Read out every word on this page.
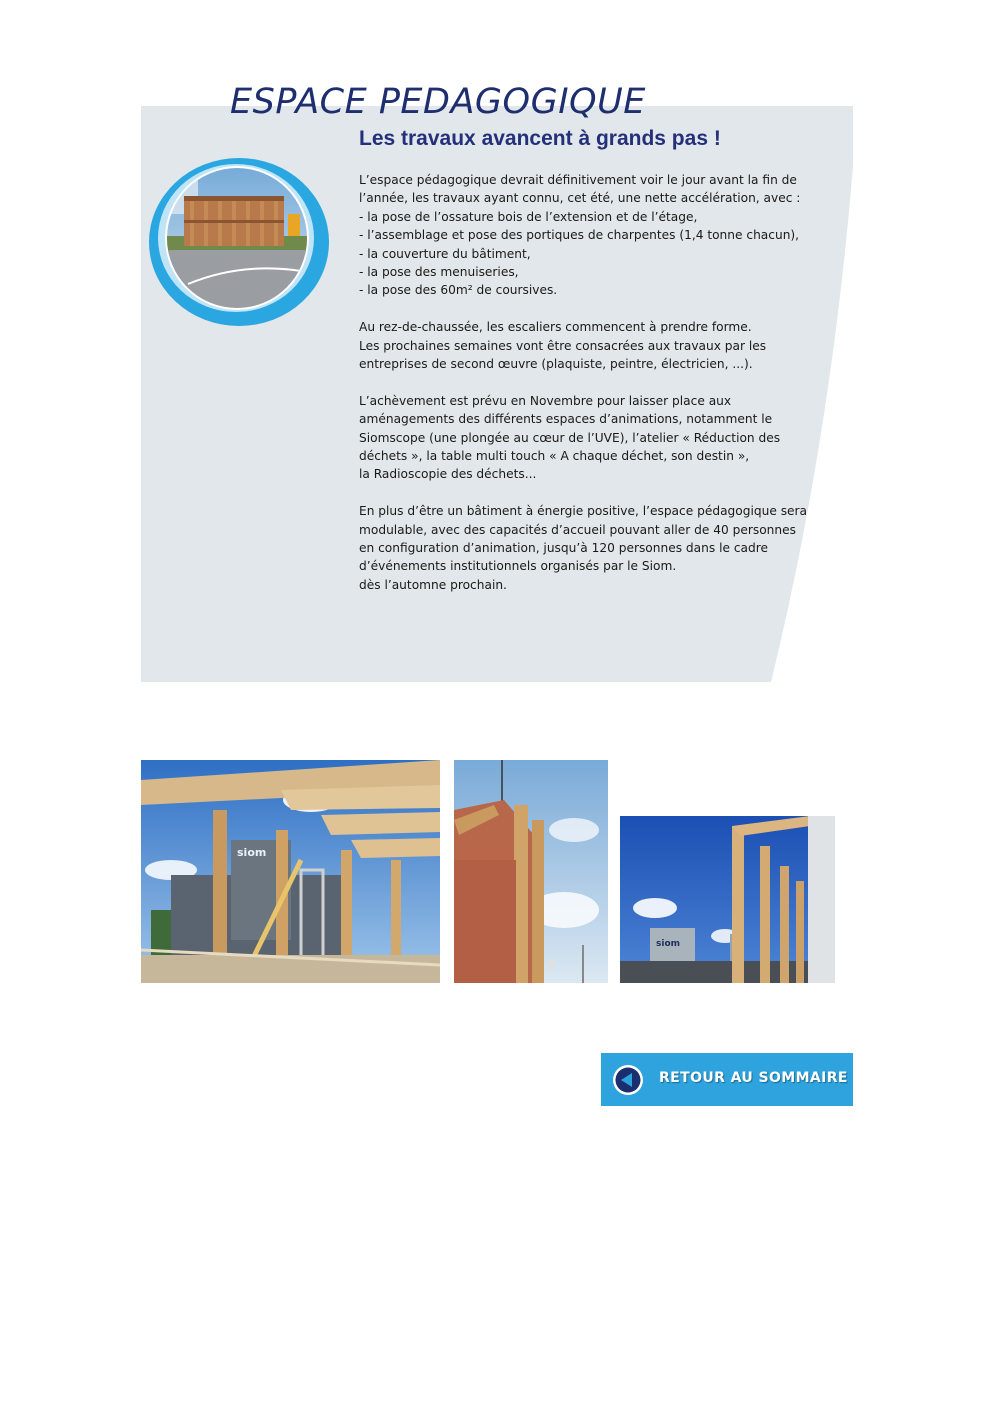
ESPACE PEDAGOGIQUE
Les travaux avancent à grands pas !

L’espace pédagogique devrait définitivement voir le jour avant la fin de
l’année, les travaux ayant connu, cet été, une nette accélération, avec :
- la pose de l’ossature bois de l’extension et de l’étage,
- l’assemblage et pose des portiques de charpentes (1,4 tonne chacun),
- la couverture du bâtiment,
- la pose des menuiseries,
- la pose des 60m² de coursives.

Au rez-de-chaussée, les escaliers commencent à prendre forme.
Les prochaines semaines vont être consacrées aux travaux par les
entreprises de second œuvre (plaquiste, peintre, électricien, ...).

L’achèvement est prévu en Novembre pour laisser place aux
aménagements des différents espaces d’animations, notamment le
Siomscope (une plongée au cœur de l’UVE), l’atelier « Réduction des
déchets », la table multi touch « A chaque déchet, son destin »,
la Radioscopie des déchets...

En plus d’être un bâtiment à énergie positive, l’espace pédagogique sera
modulable, avec des capacités d’accueil pouvant aller de 40 personnes
en configuration d’animation, jusqu’à 120 personnes dans le cadre
d’événements institutionnels organisés par le Siom.
dès l’automne prochain.

siom
siom
RETOUR AU SOMMAIRE
